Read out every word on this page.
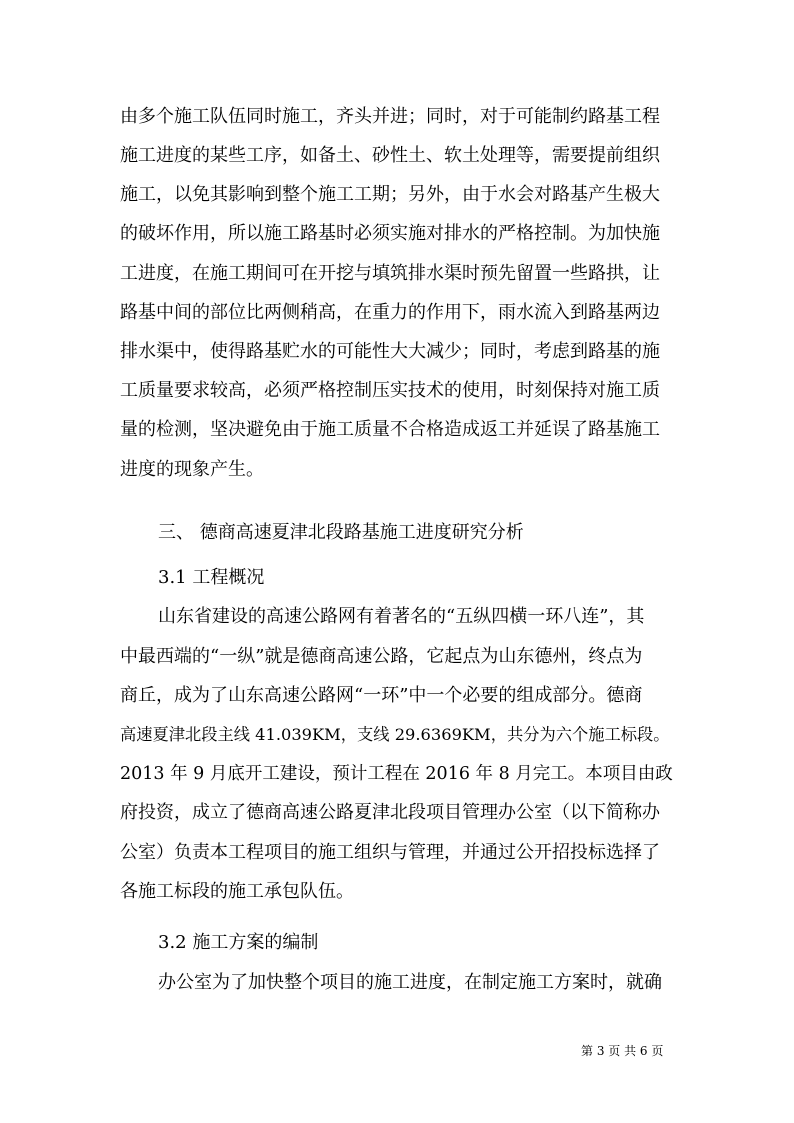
由多个施工队伍同时施工，齐头并进；同时，对于可能制约路基工程
施工进度的某些工序，如备土、砂性土、软土处理等，需要提前组织
施工，以免其影响到整个施工工期；另外，由于水会对路基产生极大
的破坏作用，所以施工路基时必须实施对排水的严格控制。为加快施
工进度，在施工期间可在开挖与填筑排水渠时预先留置一些路拱，让
路基中间的部位比两侧稍高，在重力的作用下，雨水流入到路基两边
排水渠中，使得路基贮水的可能性大大减少；同时，考虑到路基的施
工质量要求较高，必须严格控制压实技术的使用，时刻保持对施工质
量的检测，坚决避免由于施工质量不合格造成返工并延误了路基施工
进度的现象产生。
三、 德商高速夏津北段路基施工进度研究分析
3.1 工程概况
山东省建设的高速公路网有着著名的“五纵四横一环八连”，其
中最西端的“一纵”就是德商高速公路，它起点为山东德州，终点为
商丘，成为了山东高速公路网“一环”中一个必要的组成部分。德商
高速夏津北段主线 41.039KM，支线 29.6369KM，共分为六个施工标段。
2013 年 9 月底开工建设，预计工程在 2016 年 8 月完工。本项目由政
府投资，成立了德商高速公路夏津北段项目管理办公室（以下简称办
公室）负责本工程项目的施工组织与管理，并通过公开招投标选择了
各施工标段的施工承包队伍。
3.2 施工方案的编制
办公室为了加快整个项目的施工进度，在制定施工方案时，就确
第 3 页 共 6 页
